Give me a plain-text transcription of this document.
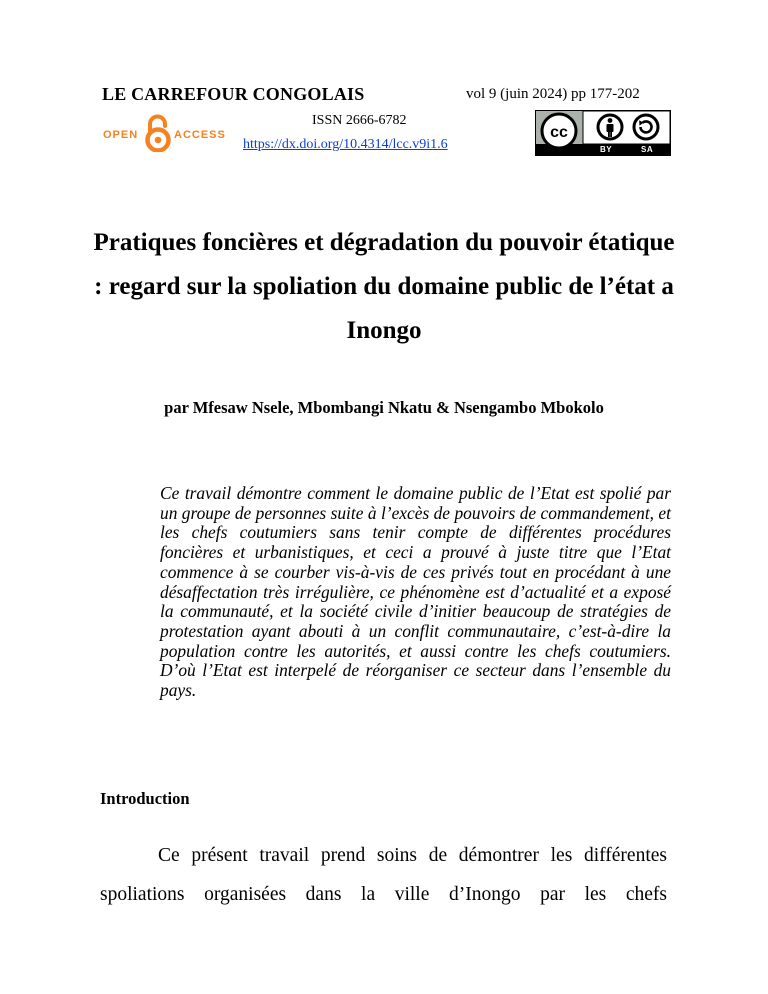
LE CARREFOUR CONGOLAIS	vol 9 (juin 2024) pp 177-202
OPEN	ACCESS
ISSN 2666-6782
https://dx.doi.org/10.4314/lcc.v9i1.6
cc
BY	SA
Pratiques foncières et dégradation du pouvoir étatique : regard sur la spoliation du domaine public de l’état a Inongo
par Mfesaw Nsele, Mbombangi Nkatu & Nsengambo Mbokolo

Ce travail démontre comment le domaine public de l’Etat est spolié par un groupe de personnes suite à l’excès de pouvoirs de commandement, et les chefs coutumiers sans tenir compte de différentes procédures foncières et urbanistiques, et ceci a prouvé à juste titre que l’Etat commence à se courber vis-à-vis de ces privés tout en procédant à une désaffectation très irrégulière, ce phénomène est d’actualité et a exposé la communauté, et la société civile d’initier beaucoup de stratégies de protestation ayant abouti à un conflit communautaire, c’est-à-dire la population contre les autorités, et aussi contre les chefs coutumiers. D’où l’Etat est interpelé de réorganiser ce secteur dans l’ensemble du pays.

Introduction

Ce présent travail prend soins de démontrer les différentes spoliations organisées dans la ville d’Inongo par les chefs
